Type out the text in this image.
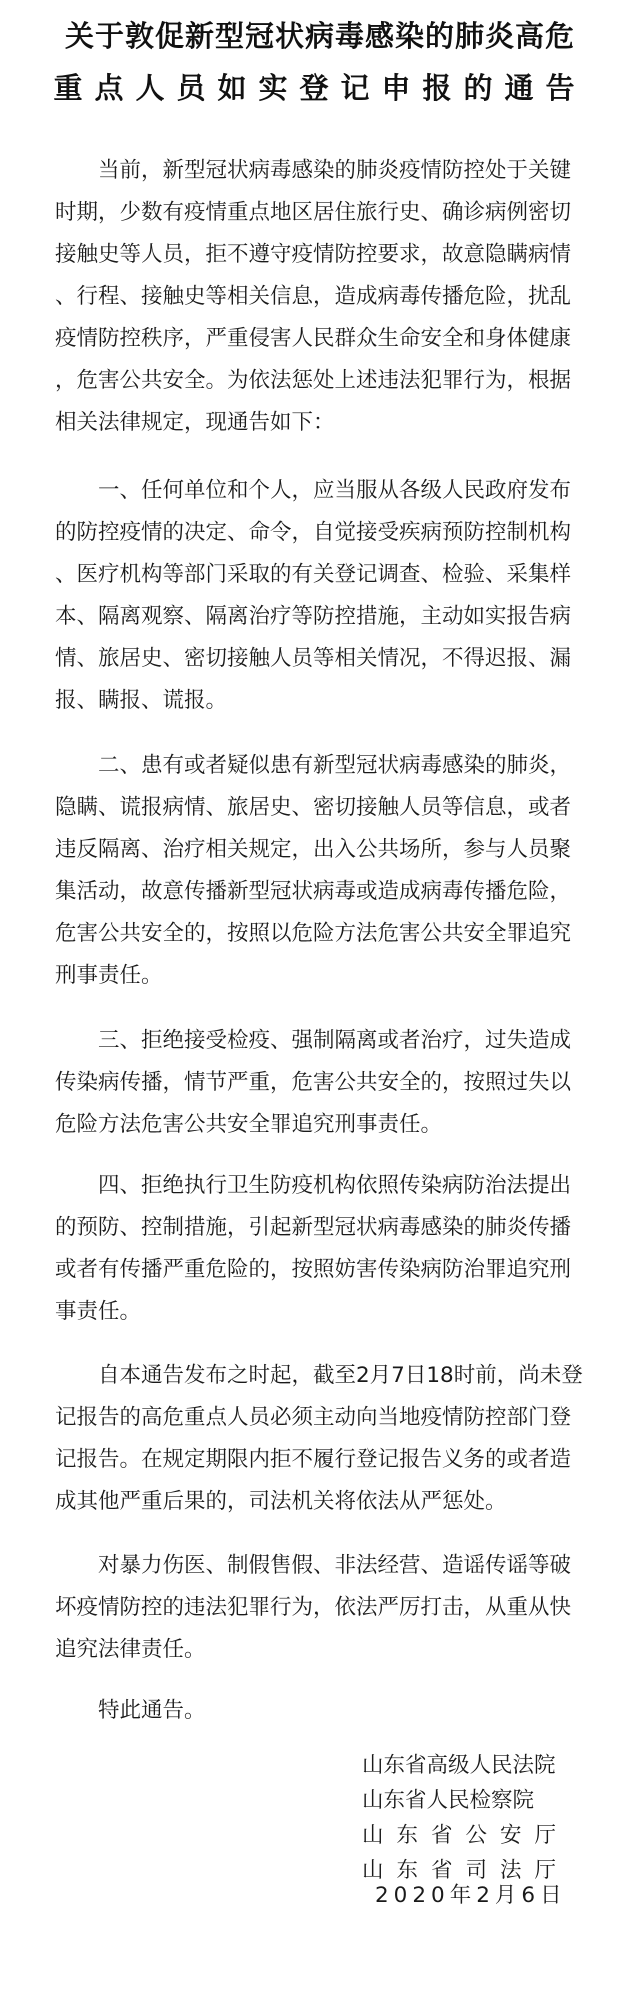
关于敦促新型冠状病毒感染的肺炎高危
重点人员如实登记申报的通告
当前，新型冠状病毒感染的肺炎疫情防控处于关键
时期，少数有疫情重点地区居住旅行史、确诊病例密切
接触史等人员，拒不遵守疫情防控要求，故意隐瞒病情
、行程、接触史等相关信息，造成病毒传播危险，扰乱
疫情防控秩序，严重侵害人民群众生命安全和身体健康
，危害公共安全。为依法惩处上述违法犯罪行为，根据
相关法律规定，现通告如下：
一、任何单位和个人，应当服从各级人民政府发布
的防控疫情的决定、命令，自觉接受疾病预防控制机构
、医疗机构等部门采取的有关登记调查、检验、采集样
本、隔离观察、隔离治疗等防控措施，主动如实报告病
情、旅居史、密切接触人员等相关情况，不得迟报、漏
报、瞒报、谎报。
二、患有或者疑似患有新型冠状病毒感染的肺炎，
隐瞒、谎报病情、旅居史、密切接触人员等信息，或者
违反隔离、治疗相关规定，出入公共场所，参与人员聚
集活动，故意传播新型冠状病毒或造成病毒传播危险，
危害公共安全的，按照以危险方法危害公共安全罪追究
刑事责任。
三、拒绝接受检疫、强制隔离或者治疗，过失造成
传染病传播，情节严重，危害公共安全的，按照过失以
危险方法危害公共安全罪追究刑事责任。
四、拒绝执行卫生防疫机构依照传染病防治法提出
的预防、控制措施，引起新型冠状病毒感染的肺炎传播
或者有传播严重危险的，按照妨害传染病防治罪追究刑
事责任。
自本通告发布之时起，截至2月7日18时前，尚未登
记报告的高危重点人员必须主动向当地疫情防控部门登
记报告。在规定期限内拒不履行登记报告义务的或者造
成其他严重后果的，司法机关将依法从严惩处。
对暴力伤医、制假售假、非法经营、造谣传谣等破
坏疫情防控的违法犯罪行为，依法严厉打击，从重从快
追究法律责任。
特此通告。
山东省高级人民法院
山东省人民检察院
山东省公安厅
山东省司法厅
2020年2月6日
